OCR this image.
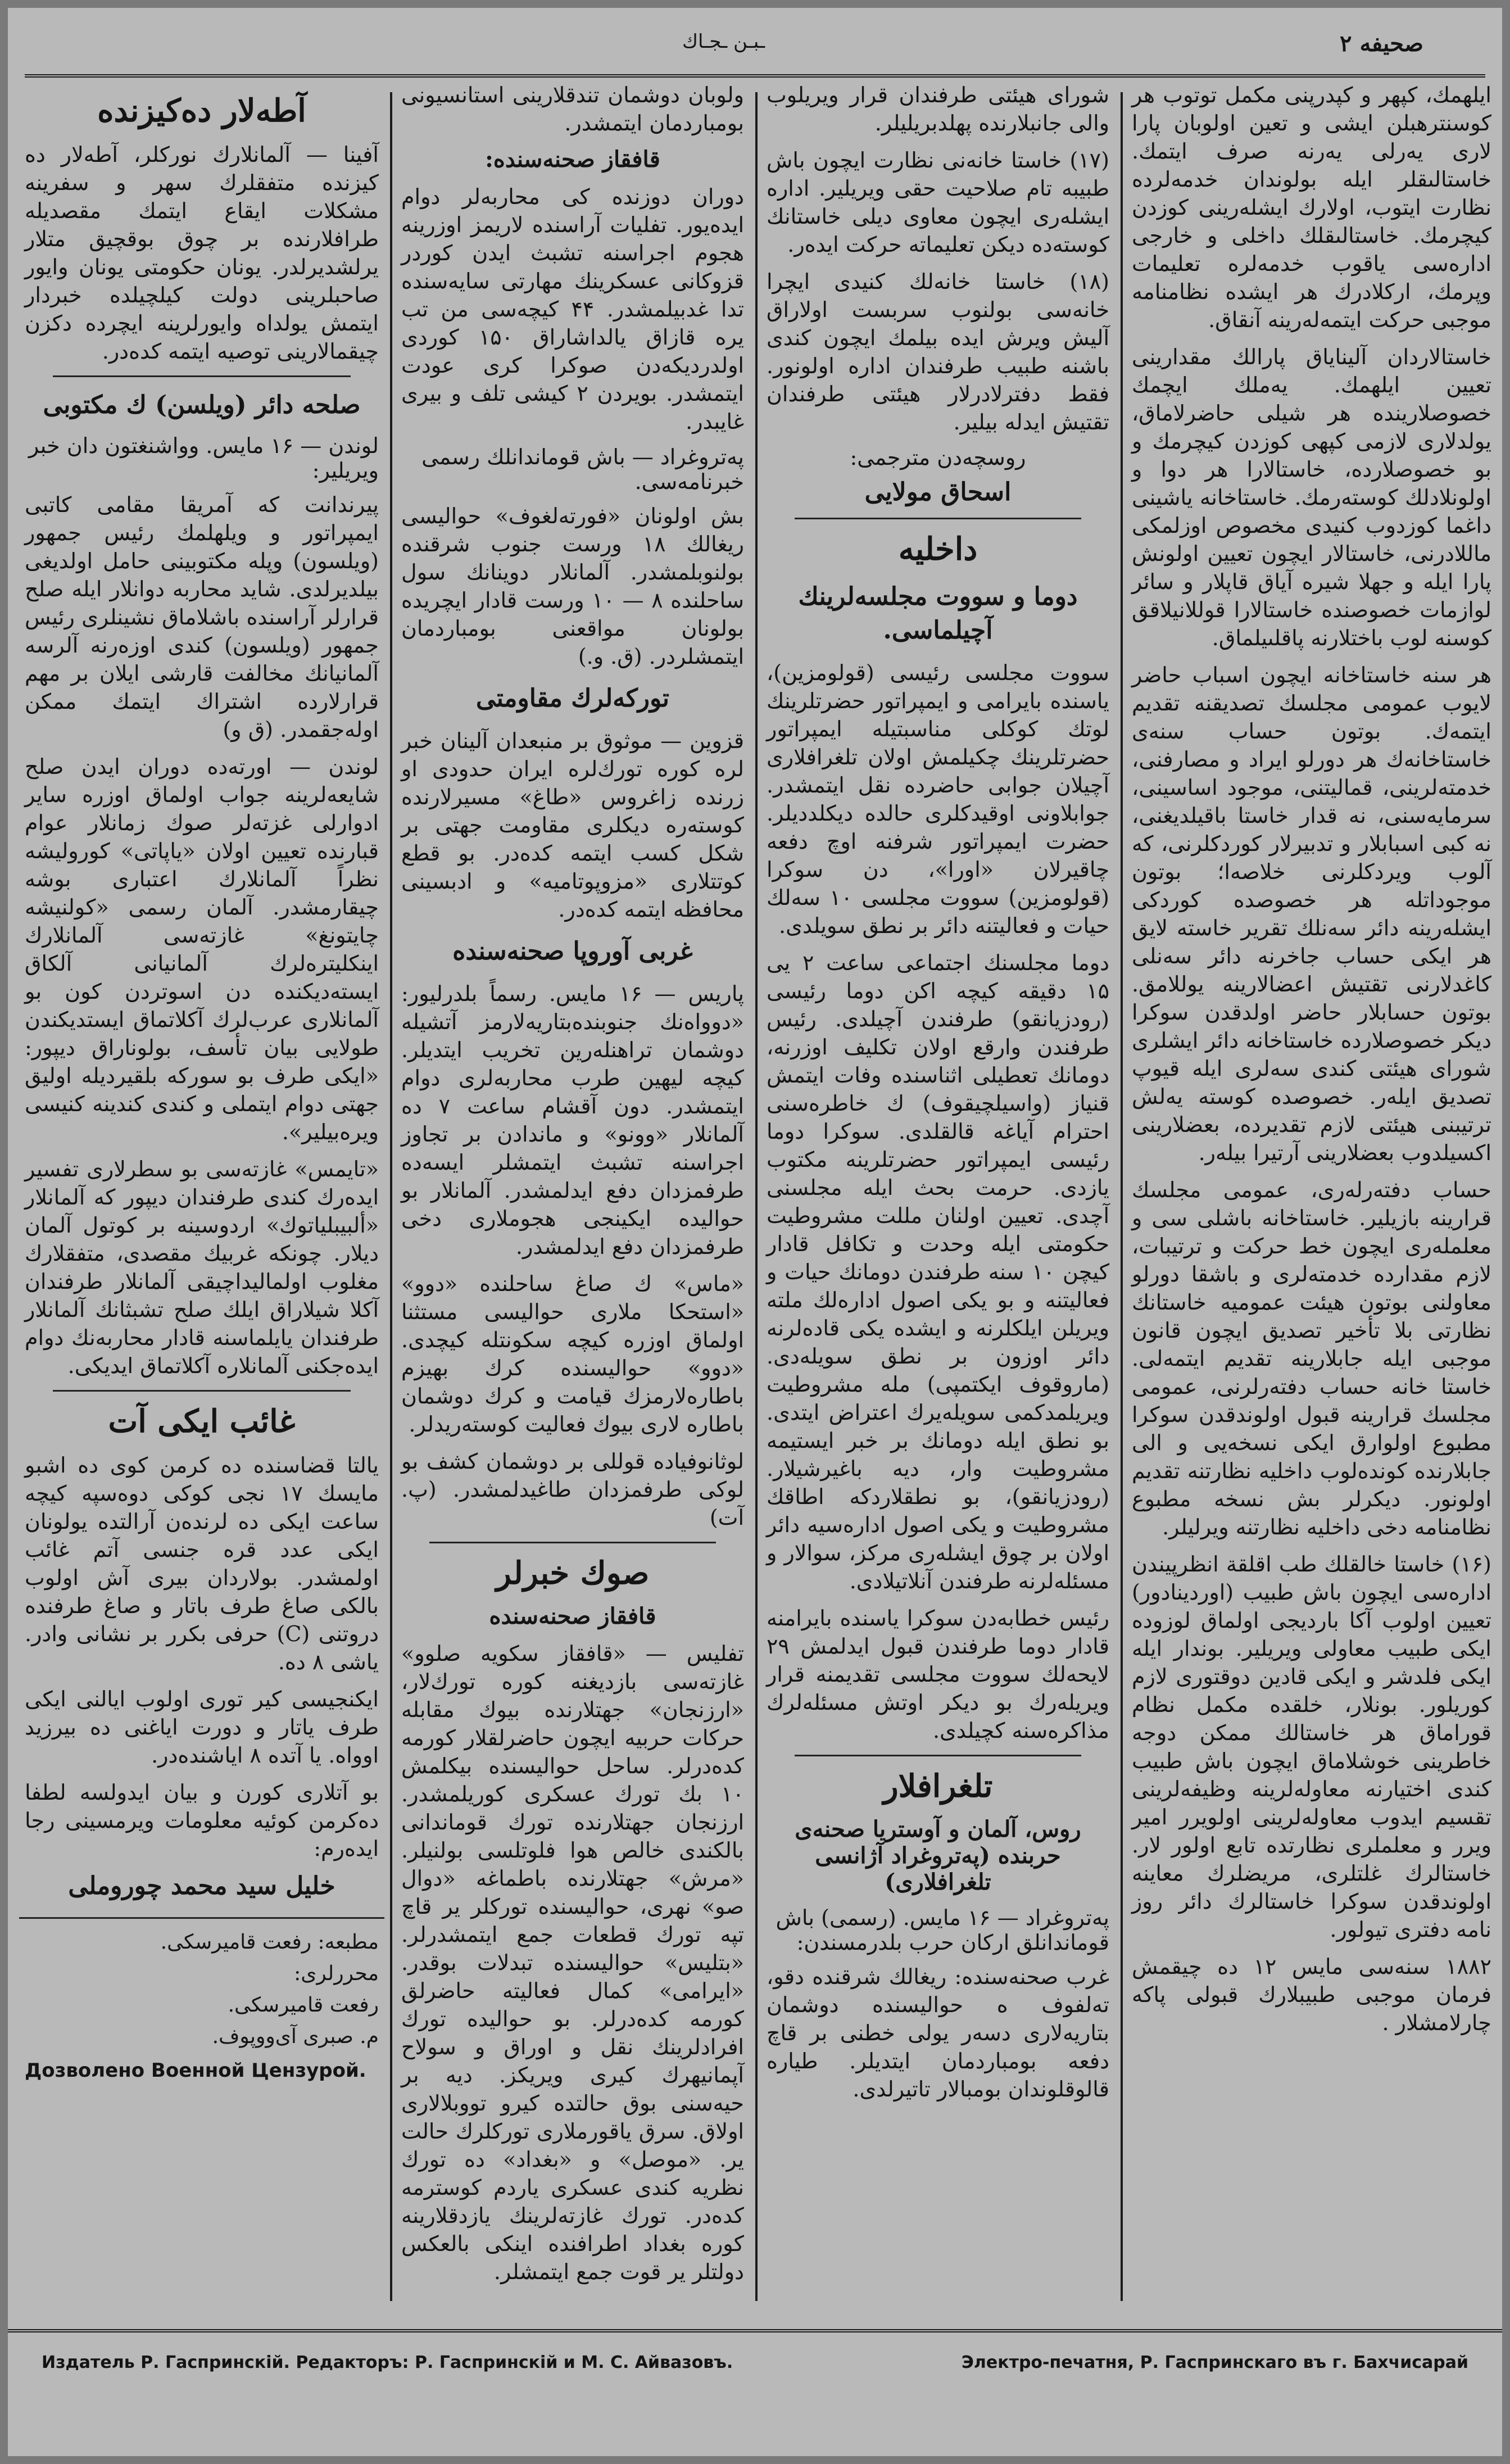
ـبـن ـجـاك	صحيفه ۲

ايلهمك، كپهر و كپدرپنى مكمل توتوب هر كوسنترهبلن ايشى و تعين اولوبان پارا لارى يەرلى يەرنه صرف ايتمك. خاستالىقلر ايله بولوندان خدمەلرده نظارت ايتوب، اولارك ايشلەرينى كوزدن كيچرمك. خاستالىقلك داخلى و خارجى ادارەسى ياقوب خدمەلرە تعليمات وپرمك، اركلادرك هر ايشده نظامنامه موجبى حركت ايتمەلەرينه آنقاق.

خاستالاردان آليناياق پارالك مقدارينى تعيين ايلهمك. يەملك ايچمك خصوصلارينده هر شيلى حاضرلاماق، يولدلارى لازمى كپهى كوزدن كيچرمك و بو خصوصلارده، خاستالارا هر دوا و اولونلادلك كوستەرمك. خاستاخانه ياشينى داغما كوزدوب كنيدى مخصوص اوزلمكى ماللادرنى، خاستالار ايچون تعيين اولونش پارا ايله و جهلا شيرە آياق قاپلار و سائر لوازمات خصوصنده خاستالارا قوللانيلاقق كوسنه لوب باختلارنه پاقلىيلماق.

هر سنه خاستاخانه ايچون اسباب حاضر لايوب عمومى مجلسك تصديقنه تقديم ايتمەك. بوتون حساب سنه‌ى خاستاخانه‌ك هر دورلو ايراد و مصارفنى، خدمتەلرينى، قماليتنى، موجود اساسينى، سرمايەسنى، نه قدار خاستا باقيلديغنى، نه كبى اسبابلار و تدبيرلار كوردكلرنى، كه آلوب ويردكلرنى خلاصەا؛ بوتون موجوداتلە هر خصوصده كوردكى ايشلەرينه دائر سەنلك تقرير خاسته لايق هر ايكى حساب جاخرنه دائر سەنلى كاغدلارنى تقتيش اعضالارينه يوللامق. بوتون حسابلار حاضر اولدقدن سوكرا ديكر خصوصلارده خاستاخانه دائر ايشلرى شوراى هيئتى كندى سەلرى ايله قيوپ تصديق ايلەر. خصوصده كوسته يەلش ترتيبنى هيئتى لازم تقديرده، بعضلارينى اكسيلدوب بعضلارينى آرتيرا بيلەر.

حساب دفتەرلەرى، عمومى مجلسك قرارينه بازيلير. خاستاخانه باشلى سى و معلملەرى ايچون خط حركت و ترتيبات، لازم مقداردە خدمتەلرى و باشقا دورلو معاولنى بوتون هيئت عموميه خاستانك نظارتى بلا تأخير تصديق ايچون قانون موجبى ايله جابلارينه تقديم ايتمەلى. خاستا خانه حساب دفتەرلرنى، عمومى مجلسك قرارينه قبول اولوندقدن سوكرا مطبوع اولوارق ايكى نسخه‌يى و الى جابلارنده كوندەلوب داخليه نظارتنه تقديم اولونور. ديكرلر بش نسخه مطبوع نظامنامه دخى داخليه نظارتنه ويرليلر.

(۱۶) خاستا خالقلك طب اقلقة انظرپيندن ادارەسى ايچون باش طبيب (اوردينادور) تعيين اولوب آكا بارديجى اولماق لوزوده ايكى طبيب معاولى ويريلير. بوندار ايله ايكى فلدشر و ايكى قادين دوقتورى لازم كوريلور. بونلار، خلقده مكمل نظام قوراماق هر خاستالك ممكن دوجه خاطرينى خوشلاماق ايچون باش طبيب كندى اختيارنه معاوله‌لرينه وظيفەلرينى تقسيم ايدوب معاوله‌لرينى اولويرر امير ويرر و معلملرى نظارتده تابع اولور لار. خاستالرك غلتلرى، مريضلرك معاينه اولوندقدن سوكرا خاستالرك دائر روز نامه دفترى تيولور.

۱۸۸۲ سنه‌سى مايس ۱۲ ده چيقمش فرمان موجبى طبيبلارك قبولى پاكه چارلامشلار .

شوراى هيئتى طرفندان قرار ويريلوب والى جانبلارنده پهلدبريليلر.

(۱۷) خاستا خانه‌نى نظارت ايچون باش طبيبه تام صلاحيت حقى ويريلير. اداره ايشلەرى ايچون معاوى ديلى خاستانك كوسته‌ده ديكن تعليماته حركت ايدەر.

(۱۸) خاستا خانه‌لك كنيدى ايچرا خانه‌سى بولنوب سربست اولاراق آليش ويرش ايده بيلمك ايچون كندى باشنه طبيب طرفندان اداره اولونور. فقط دفترلادرلار هيئتى طرفندان تقتيش ايدله بيلير.

روسچەدن مترجمى:
اسحاق مولايى
داخليه
دوما و سووت مجلسەلرينك آچيلماسى.

سووت مجلسى رئيسى (قولومزين)، ياسنده بايرامى و ايمپراتور حضرتلرينك لوتك كوكلى مناسبتيله ايمپراتور حضرتلرينك چكيلمش اولان تلغرافلارى آچيلان جوابى حاضرده نقل ايتمشدر. جوابلاونى اوقيدكلرى حالده ديكلدديلر. حضرت ايمپراتور شرفنه اوچ دفعه چاقيرلان «اورا»، دن سوكرا (قولومزين) سووت مجلسى ۱۰ سەلك حيات و فعاليتنه دائر بر نطق سويلدى.

دوما مجلسنك اجتماعى ساعت ۲ يى ۱۵ دقيقه كيچه اكن دوما رئيسى (رودزيانقو) طرفندن آچيلدى. رئيس طرفندن وارقع اولان تكليف اوزرنه، دومانك تعطيلى اثناسنده وفات ايتمش قنياز (واسيلچيقوف) ك خاطرەسنى احترام آياغه قالقلدى. سوكرا دوما رئيسى ايمپراتور حضرتلرينه مكتوب يازدى. حرمت بحث ايله مجلسنى آچدى. تعيين اولنان مللت مشروطيت حكومتى ايله وحدت و تكافل قادار كيچن ۱۰ سنه طرفندن دومانك حيات و فعاليتنه و بو يكى اصول ادارەلك ملته ويريلن ايلكلرنه و ايشده يكى قادەلرنه دائر اوزون بر نطق سويلەدى. (ماروقوف ايكتمپى) مله مشروطيت ويريلمدكمى سويله‌يرك اعتراض ايتدى. بو نطق ايله دومانك بر خبر ايستيمه مشروطيت وار، ديه باغيرشيلار. (رودزيانقو)، بو نطقلاردكه اطاقك مشروطيت و يكى اصول ادارەسيه دائر اولان بر چوق ايشلەرى مركز، سوالار و مسئله‌لرنه طرفندن آنلاتيلادى.

رئيس خطابه‌دن سوكرا ياسنده بايرامنه قادار دوما طرفندن قبول ايدلمش ۲۹ لايحه‌لك سووت مجلسى تقديمنه قرار ويريله‌رك بو ديكر اوتش مسئله‌لرك مذاكرەسنه كچيلدى.

تلغرافلار
روس، آلمان و آوستريا صحنه‌ى حربنده (پەتروغراد آژانسى تلغرافلارى)
پەتروغراد — ۱۶ مايس. (رسمى) باش قوماندانلق اركان حرب بلدرمسندن:

غرب صحنه‌سنده: ريغالك شرقنده دقو، ته‌لفوف ه حواليسنده دوشمان بتاريەلارى دسه‌ر يولى خطنى بر قاچ دفعه بومباردمان ايتديلر. طياره قالوقلوندان بومبالار تاتيرلدى.

ولوبان دوشمان تندقلارينى استانسيونى بومباردمان ايتمشدر.

قافقاز صحنه‌سنده:

دوران دوزنده كى محاربه‌لر دوام ايدەيور. تفليات آراسنده لاريمز اوزرينه هجوم اجراسنه تشبث ايدن كوردر قزوكانى عسكرينك مهارتى سايەسنده تدا غدبيلمشدر. ۴۴ كيچەسى من تب يرە قازاق يالداشاراق ۱۵۰ كوردى اولدرديكەدن صوكرا كرى عودت ايتمشدر. بويردن ۲ كيشى تلف و بيرى غايبدر.

پەتروغراد — باش قوماندانلك رسمى خبرنامه‌سى.

بش اولونان «فورته‌لغوف» حواليسى ريغالك ۱۸ ورست جنوب شرقنده بولنوبلمشدر. آلمانلار دوينانك سول ساحلنده ۸ — ۱۰ ورست قادار ايچريده بولونان مواقعنى بومباردمان ايتمشلردر. (ق. و.)

توركەلرك مقاومتى

قزوين — موثوق بر منبعدان آلينان خبر لره كوره تورك‌لره ايران حدودى او زرنده زاغروس «طاغ» مسيرلارنده كوستەره ديكلرى مقاومت جهتى بر شكل كسب ايتمه كدەدر. بو قطع كوتتلارى «مزوپوتاميه» و ادبسينى محافظه ايتمه كدەدر.

غربى آوروپا صحنه‌سنده

پاريس — ۱۶ مايس. رسماً بلدرليور: «دوواه‌نك جنوبنده‌بتاريەلارمز آتشيله دوشمان تراهنلەرين تخريب ايتديلر. كيچه ليهين طرب محاربه‌لرى دوام ايتمشدر. دون آقشام ساعت ۷ ده آلمانلار «وونو» و ماندادن بر تجاوز اجراسنه تشبث ايتمشلر ايسه‌ده طرفمزدان دفع ايدلمشدر. آلمانلار بو حواليده ايكينجى هجوملارى دخى طرفمزدان دفع ايدلمشدر.

«ماس» ك صاغ ساحلنده «دوو» «استحكا ملارى حواليسى مستثنا اولماق اوزره كيچه سكونتله كيچدى. «دوو» حواليسنده كرك بهيزم باطارەلارمزك قيامت و كرك دوشمان باطاره لارى بيوك فعاليت كوستەريدلر.

لوثانوفياده قوللى بر دوشمان كشف بو لوكى طرفمزدان طاغيدلمشدر. (پ. آت)

صوك خبرلر
قافقاز صحنه‌سنده

تفليس — «قافقاز سكويه صلوو» غازته‌سى بازديغنه كوره تورك‌لار، «ارزنجان» جهتلارنده بيوك مقابله حركات حربيه ايچون حاضرلقلار كورمه كده‌درلر. ساحل حواليسنده بيكلمش ۱۰ بك تورك عسكرى كوريلمشدر. ارزنجان جهتلارنده تورك قوماندانى بالكندى خالص هوا فلوتلسى بولنيلر. «مرش» جهتلارنده باطماغه «دوال صو» نهرى، حواليسنده توركلر ير قاچ تپه تورك قطعات جمع ايتمشدرلر. «بتليس» حواليسنده تبدلات بوقدر. «ايرامى» كمال فعاليته حاضرلق كورمه كده‌درلر. بو حواليده تورك افرادلرينك نقل و اوراق و سولاح آپمانيهرك كيرى ويريكز. ديه بر حيه‌سنى بوق حالتده كيرو تووبلالارى اولاق. سرق ياقورملارى توركلرك حالت ير. «موصل» و «بغداد» ده تورك نظريه كندى عسكرى ياردم كوسترمه كدەدر. تورك غازته‌لرينك يازدقلارينه كوره بغداد اطرافنده اينكى بالعكس دولتلر ير قوت جمع ايتمشلر.

آطه‌لار ده‌كيزنده

آفينا — آلمانلارك نوركلر، آطه‌لار ده كيزنده متفقلرك سهر و سفرينه مشكلات ايقاع ايتمك مقصديله طرافلارنده بر چوق بوقچيق متلار يرلشديرلدر. يونان حكومتى يونان وايور صاحبلرينى دولت كيلچيلده خبردار ايتمش يولداه وايورلرينه ايچرده دكزن چيقمالارينى توصيه ايتمه كدەدر.

صلحه دائر (ويلسن) ك مكتوبى
لوندن — ۱۶ مايس. وواشنغتون دان خبر ويريلير:

پيرندانت كه آمريقا مقامى كاتبى ايمپراتور و ويلهلمك رئيس جمهور (ويلسون) وپله مكتوبينى حامل اولديغى بيلديرلدى. شايد محاربه دوانلار ايله صلح قرارلر آراسنده باشلاماق نشينلرى رئيس جمهور (ويلسون) كندى اوزەرنه آلرسه آلمانيانك مخالفت قارشى ايلان بر مهم قرارلارده اشتراك ايتمك ممكن اوله‌جقمدر. (ق و)

لوندن — اورتە‌ده دوران ايدن صلح شايعه‌لرينه جواب اولماق اوزره ساير ادوارلى غزته‌لر صوك زمانلار عوام قبارنده تعيين اولان «ياپاتى» كوروليشه نظراً آلمانلارك اعتبارى بوشه چيقارمشدر. آلمان رسمى «كولنيشه چايتونغ» غازته‌سى آلمانلارك اينكليتره‌لرك آلمانيانى آلكاق ايستەديكنده دن اسوتردن كون بو آلمانلارى عرب‌لرك آكلاتماق ايستديكندن طولايى بيان تأسف، بولوناراق ديپور: «ايكى طرف بو سوركه بلقيرديله اوليق جهتى دوام ايتملى و كندى كندينه كنيسى ويره‌بيلير».

«تايمس» غازته‌سى بو سطرلارى تفسير ايدەرك كندى طرفندان ديپور كه آلمانلار «ألبيبلياتوك» اردوسينه بر كوتول آلمان ديلار. چونكه غربيك مقصدى، متفقلارك مغلوب اولماليداچيقى آلمانلار طرفندان آكلا شيلاراق ايلك صلح تشبثانك آلمانلار طرفندان يايلماسنه قادار محاربه‌نك دوام ايدەجكنى آلمانلاره آكلاتماق ايديكى.

غائب ايكى آت

يالتا قضاسنده ده كرمن كوى ده اشبو مايسك ۱۷ نجى كوكى دوەسپه كيچه ساعت ايكى ده لرندەن آرالتده يولونان ايكى عدد قره جنسى آتم غائب اولمشدر. بولاردان بيرى آش اولوب بالكى صاغ طرف باتار و صاغ طرفنده دروتنى (C) حرفى بكرر بر نشانى وادر. ياشى ۸ ده.

ايكنجيسى كير تورى اولوب ايالنى ايكى طرف ياتار و دورت اياغنى ده بيرزيد اوواه. يا آتده ۸ اياشنده‌در.

بو آتلارى كورن و بيان ايدولسه لطفا دەكرمن كوئيه معلومات ويرمسينى رجا ايده‌رم:

خليل سيد محمد چوروملى
مطبعه: رفعت قاميرسكى.
محررلرى:
رفعت قاميرسكى.
م. صبرى آى‌ووپوف.
Дозволено Военной Цензурой.
Издатель Р. Гаспринскій. Редакторъ: Р. Гаспринскій и М. С. Айвазовъ.	Электро-печатня, Р. Гаспринскаго въ г. Бахчисарай
